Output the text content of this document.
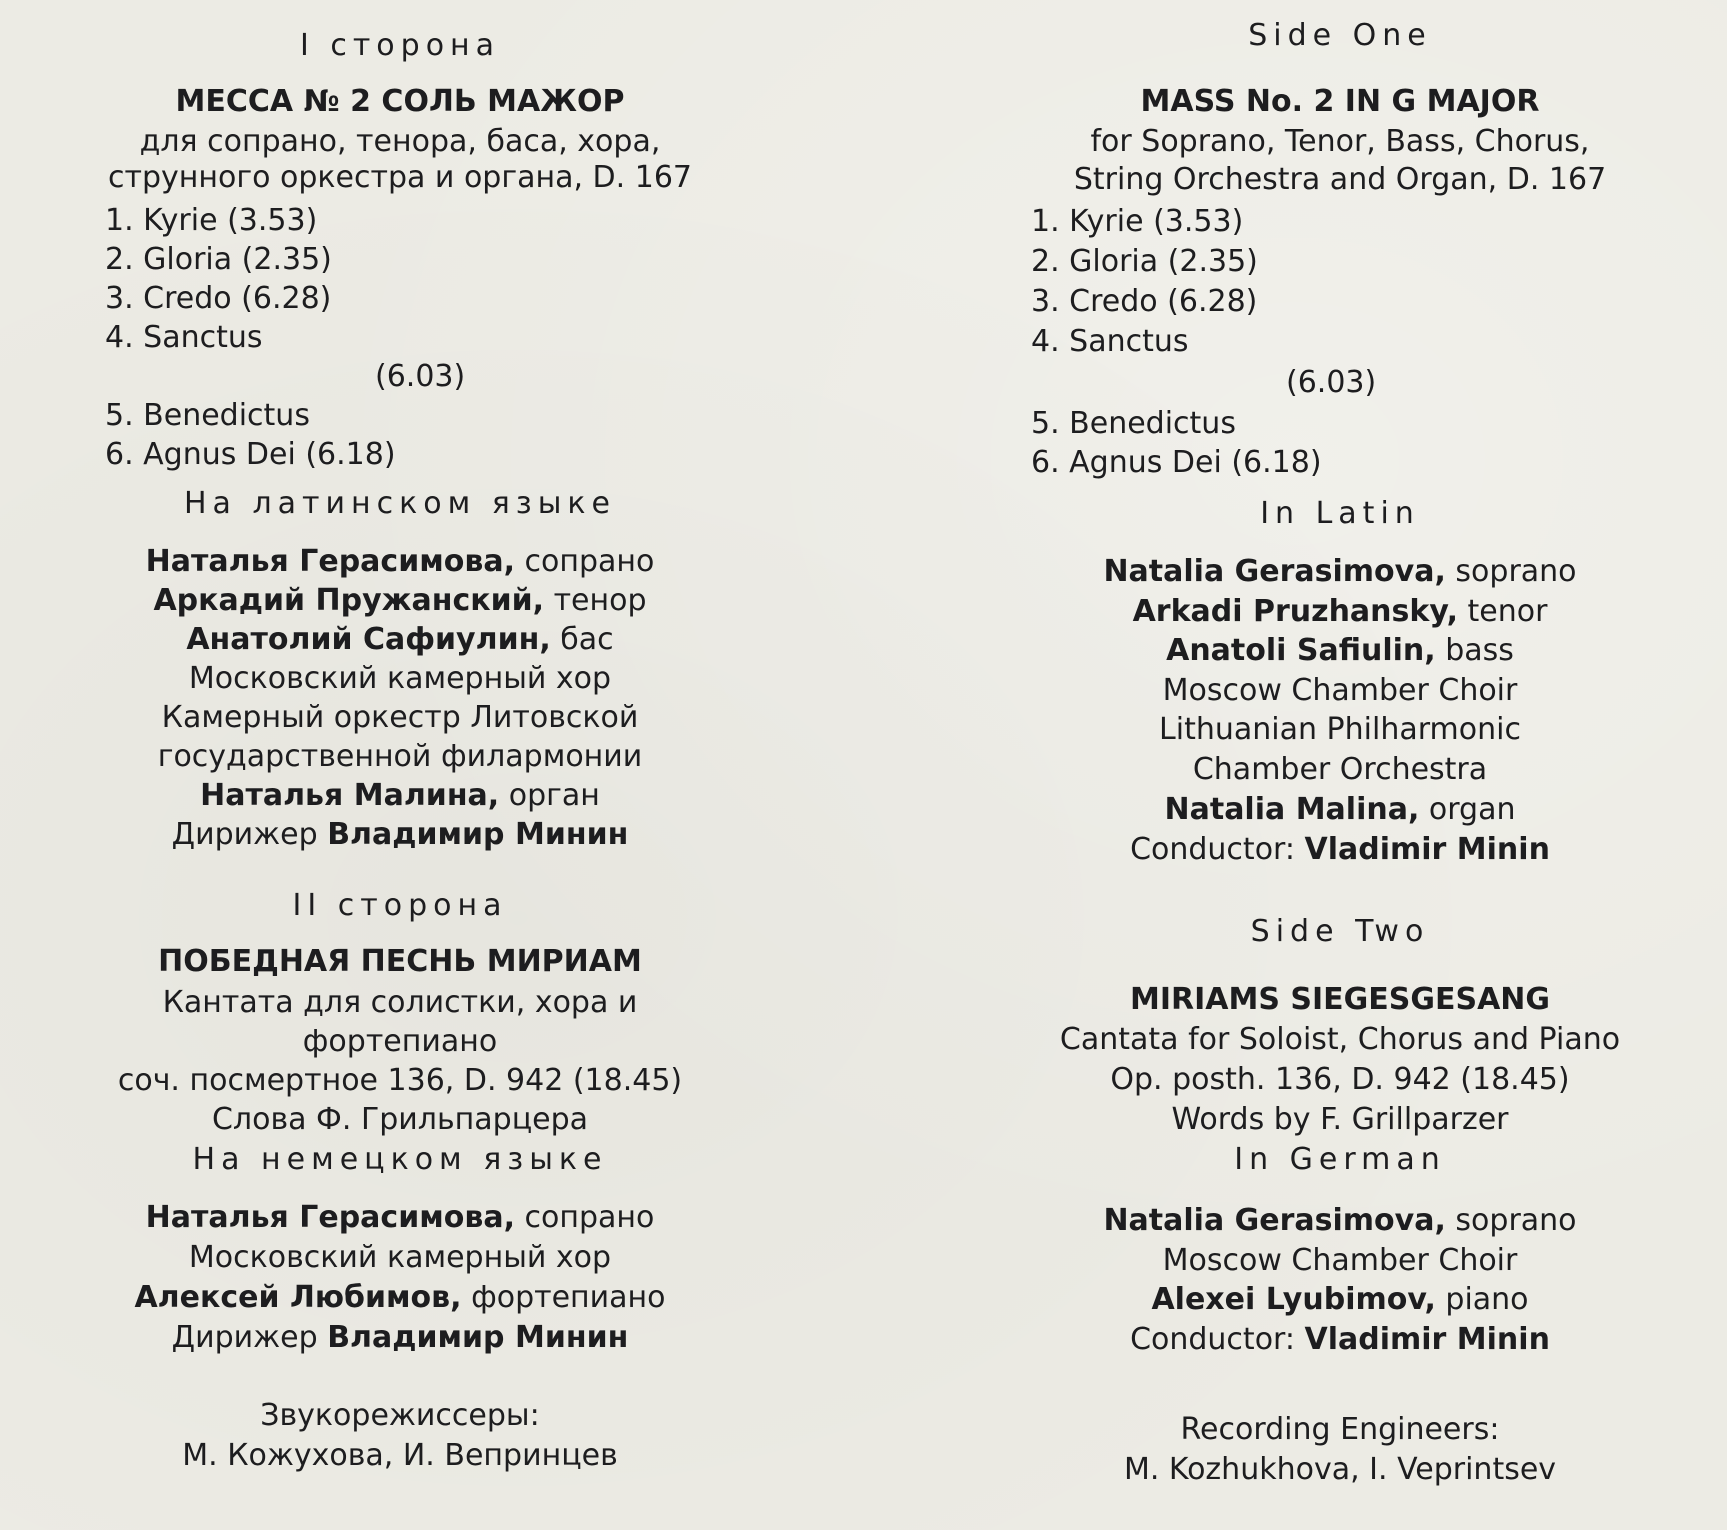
I сторона
МЕССА № 2 СОЛЬ МАЖОР
для сопрано, тенора, баса, хора,
струнного оркестра и органа, D. 167
1. Kyrie (3.53)
2. Gloria (2.35)
3. Credo (6.28)
4. Sanctus
(6.03)
5. Benedictus
6. Agnus Dei (6.18)
На латинском языке
Наталья Герасимова, сопрано
Аркадий Пружанский, тенор
Анатолий Сафиулин, бас
Московский камерный хор
Камерный оркестр Литовской
государственной филармонии
Наталья Малина, орган
Дирижер Владимир Минин
II сторона
ПОБЕДНАЯ ПЕСНЬ МИРИАМ
Кантата для солистки, хора и
фортепиано
соч. посмертное 136, D. 942 (18.45)
Слова Ф. Грильпарцера
На немецком языке
Наталья Герасимова, сопрано
Московский камерный хор
Алексей Любимов, фортепиано
Дирижер Владимир Минин
Звукорежиссеры:
М. Кожухова, И. Вепринцев
Side One
MASS No. 2 IN G MAJOR
for Soprano, Tenor, Bass, Chorus,
String Orchestra and Organ, D. 167
1. Kyrie (3.53)
2. Gloria (2.35)
3. Credo (6.28)
4. Sanctus
(6.03)
5. Benedictus
6. Agnus Dei (6.18)
In Latin
Natalia Gerasimova, soprano
Arkadi Pruzhansky, tenor
Anatoli Safiulin, bass
Moscow Chamber Choir
Lithuanian Philharmonic
Chamber Orchestra
Natalia Malina, organ
Conductor: Vladimir Minin
Side Two
MIRIAMS SIEGESGESANG
Cantata for Soloist, Chorus and Piano
Op. posth. 136, D. 942 (18.45)
Words by F. Grillparzer
In German
Natalia Gerasimova, soprano
Moscow Chamber Choir
Alexei Lyubimov, piano
Conductor: Vladimir Minin
Recording Engineers:
M. Kozhukhova, I. Veprintsev
